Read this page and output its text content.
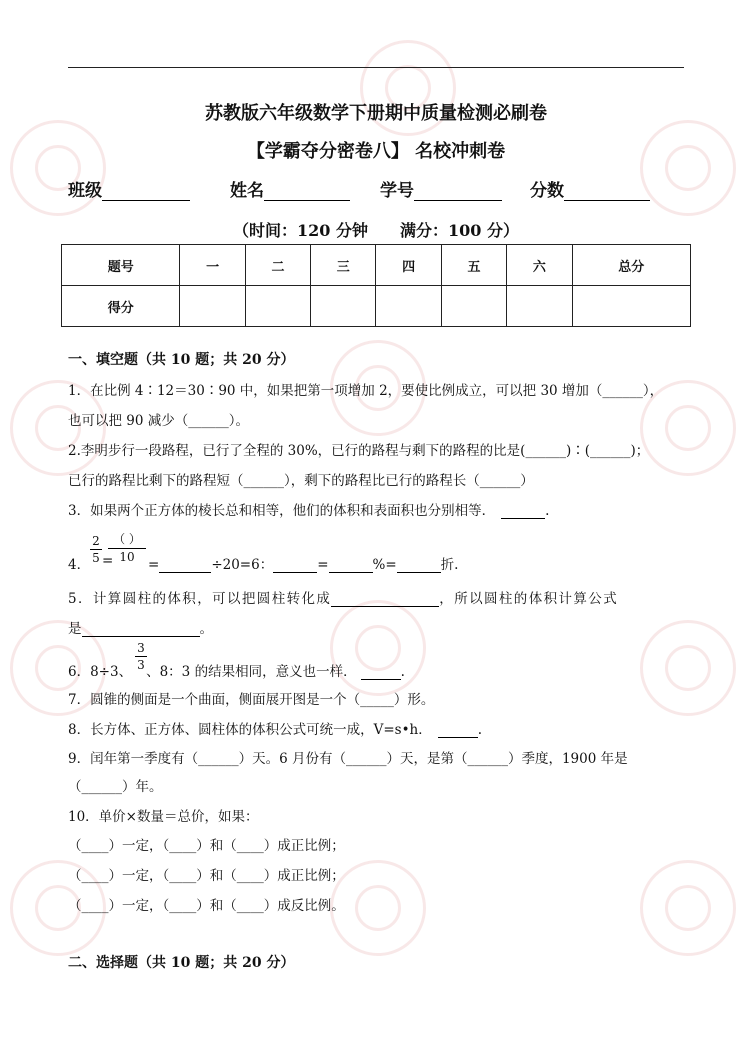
苏教版六年级数学下册期中质量检测必刷卷
【学霸夺分密卷八】 名校冲刺卷
班级	姓名	学号	分数
（时间：120 分钟　　满分：100 分）
题号	一	二	三	四	五	六	总分
得分							
一、填空题（共 10 题；共 20 分）
1．在比例 4∶12＝30∶90 中，如果把第一项增加 2，要使比例成立，可以把 30 增加（______），
也可以把 90 减少（______）。
2.李明步行一段路程，已行了全程的 30%，已行的路程与剩下的路程的比是(______)∶(______)；
已行的路程比剩下的路程短（______），剩下的路程比已行的路程长（______）
3．如果两个正方体的棱长总和相等，他们的体积和表面积也分别相等．	.
4．
2
5 =
（ ）
10 =	÷20=6：	=	%=	折.
5．计算圆柱的体积，可以把圆柱转化成	，所以圆柱的体积计算公式
是	。
3
3
6．8÷3、 、8：3 的结果相同，意义也一样．	.
7．圆锥的侧面是一个曲面，侧面展开图是一个（_____）形。
8．长方体、正方体、圆柱体的体积公式可统一成，V=s•h．	.
9．闰年第一季度有（______）天。6 月份有（______）天，是第（______）季度，1900 年是
（______）年。
10．单价×数量＝总价，如果：
（____）一定，（____）和（____）成正比例；
（____）一定，（____）和（____）成正比例；
（____）一定，（____）和（____）成反比例。
二、选择题（共 10 题；共 20 分）
